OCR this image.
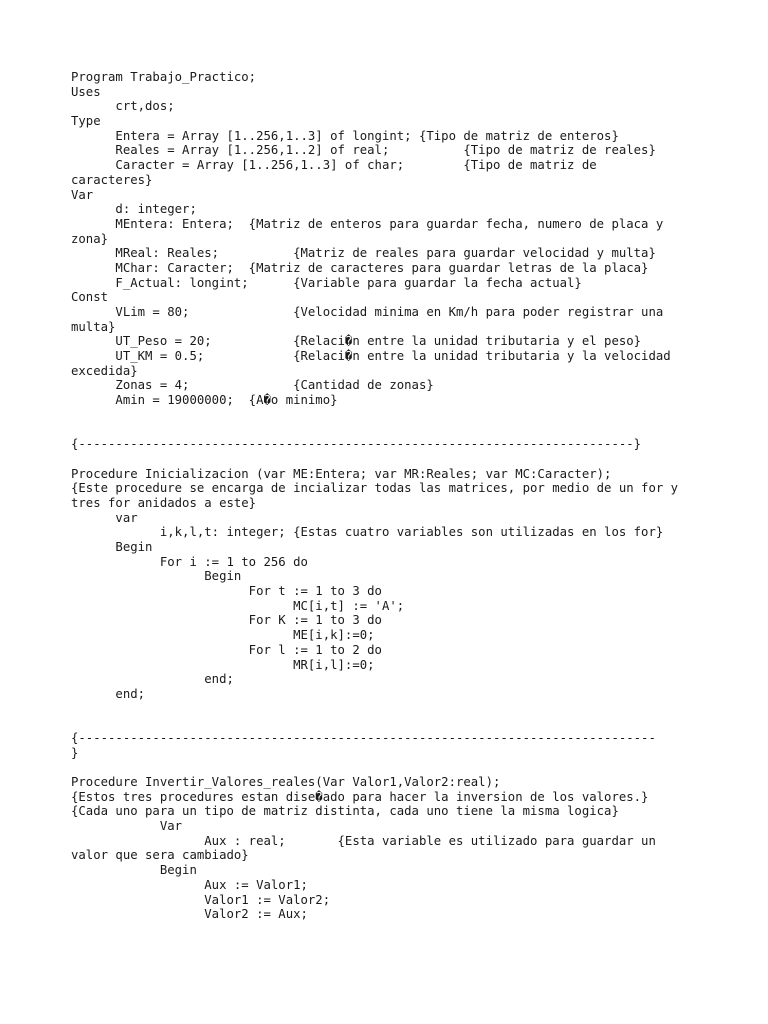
Program Trabajo_Practico;
Uses
crt,dos;
Type
Entera = Array [1..256,1..3] of longint; {Tipo de matriz de enteros}
Reales = Array [1..256,1..2] of real;          {Tipo de matriz de reales}
Caracter = Array [1..256,1..3] of char;        {Tipo de matriz de
caracteres}
Var
d: integer;
MEntera: Entera;  {Matriz de enteros para guardar fecha, numero de placa y
zona}
MReal: Reales;          {Matriz de reales para guardar velocidad y multa}
MChar: Caracter;  {Matriz de caracteres para guardar letras de la placa}
F_Actual: longint;      {Variable para guardar la fecha actual}
Const
VLim = 80;              {Velocidad minima en Km/h para poder registrar una
multa}
UT_Peso = 20;           {Relaci�n entre la unidad tributaria y el peso}
UT_KM = 0.5;            {Relaci�n entre la unidad tributaria y la velocidad
excedida}
Zonas = 4;              {Cantidad de zonas}
Amin = 19000000;  {A�o minimo}
{---------------------------------------------------------------------------}
Procedure Inicializacion (var ME:Entera; var MR:Reales; var MC:Caracter);
{Este procedure se encarga de incializar todas las matrices, por medio de un for y
tres for anidados a este}
var
i,k,l,t: integer; {Estas cuatro variables son utilizadas en los for}
Begin
For i := 1 to 256 do
Begin
For t := 1 to 3 do
MC[i,t] := 'A';
For K := 1 to 3 do
ME[i,k]:=0;
For l := 1 to 2 do
MR[i,l]:=0;
end;
end;
{------------------------------------------------------------------------------
}
Procedure Invertir_Valores_reales(Var Valor1,Valor2:real);
{Estos tres procedures estan dise�ado para hacer la inversion de los valores.}
{Cada uno para un tipo de matriz distinta, cada uno tiene la misma logica}
Var
Aux : real;       {Esta variable es utilizado para guardar un
valor que sera cambiado}
Begin
Aux := Valor1;
Valor1 := Valor2;
Valor2 := Aux;
